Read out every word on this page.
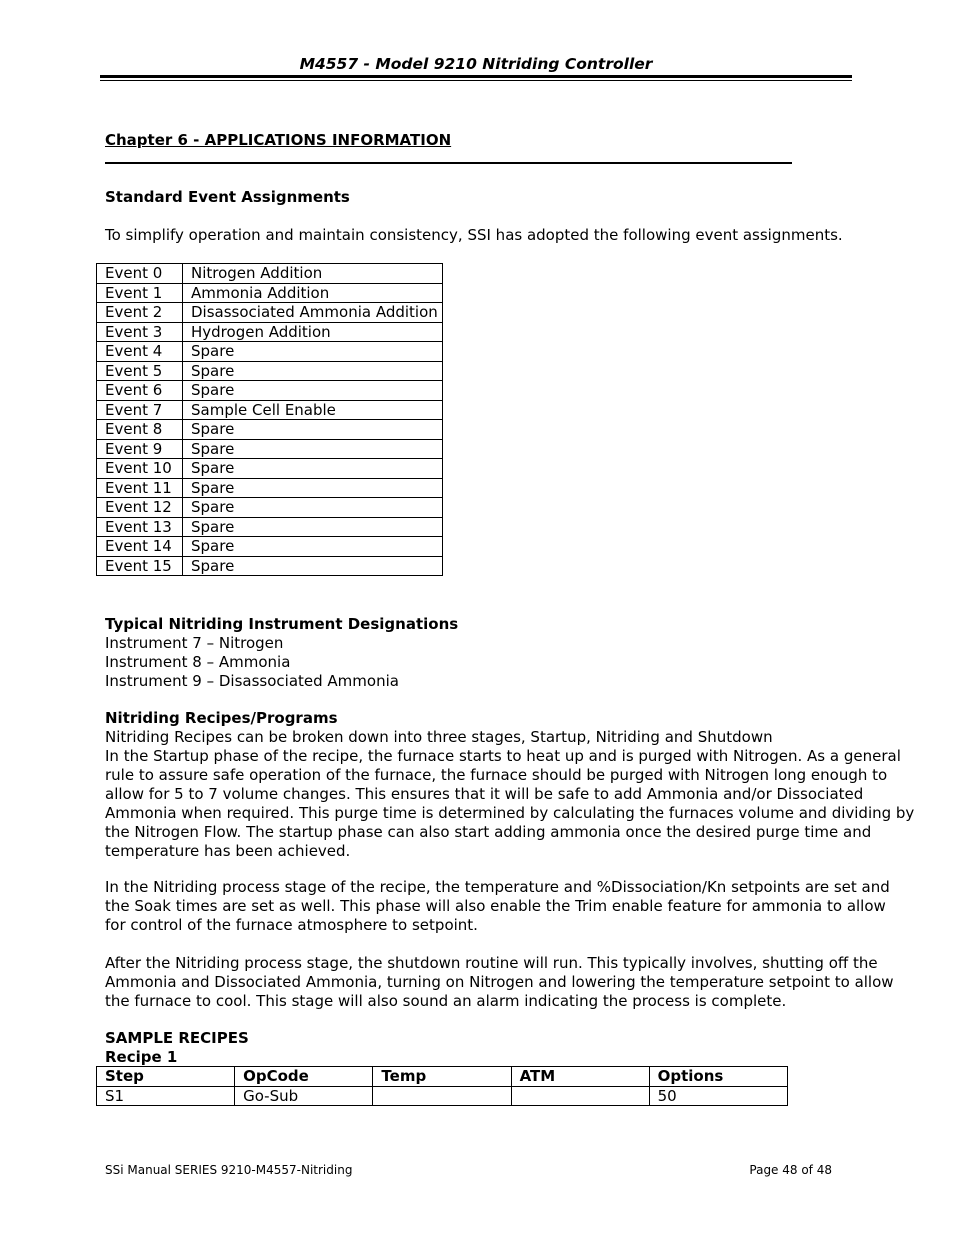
M4557 - Model 9210 Nitriding Controller
Chapter 6 - APPLICATIONS INFORMATION
Standard Event Assignments
To simplify operation and maintain consistency, SSI has adopted the following event assignments.
Event 0	Nitrogen Addition
Event 1	Ammonia Addition
Event 2	Disassociated Ammonia Addition
Event 3	Hydrogen Addition
Event 4	Spare
Event 5	Spare
Event 6	Spare
Event 7	Sample Cell Enable
Event 8	Spare
Event 9	Spare
Event 10	Spare
Event 11	Spare
Event 12	Spare
Event 13	Spare
Event 14	Spare
Event 15	Spare
Typical Nitriding Instrument Designations
Instrument 7 – Nitrogen
Instrument 8 – Ammonia
Instrument 9 – Disassociated Ammonia
Nitriding Recipes/Programs
Nitriding Recipes can be broken down into three stages, Startup, Nitriding and Shutdown
In the Startup phase of the recipe, the furnace starts to heat up and is purged with Nitrogen. As a general
rule to assure safe operation of the furnace, the furnace should be purged with Nitrogen long enough to
allow for 5 to 7 volume changes. This ensures that it will be safe to add Ammonia and/or Dissociated
Ammonia when required. This purge time is determined by calculating the furnaces volume and dividing by
the Nitrogen Flow. The startup phase can also start adding ammonia once the desired purge time and
temperature has been achieved.
In the Nitriding process stage of the recipe, the temperature and %Dissociation/Kn setpoints are set and
the Soak times are set as well. This phase will also enable the Trim enable feature for ammonia to allow
for control of the furnace atmosphere to setpoint.
After the Nitriding process stage, the shutdown routine will run. This typically involves, shutting off the
Ammonia and Dissociated Ammonia, turning on Nitrogen and lowering the temperature setpoint to allow
the furnace to cool. This stage will also sound an alarm indicating the process is complete.
SAMPLE RECIPES
Recipe 1
Step	OpCode	Temp	ATM	Options
S1	Go-Sub			50
SSi Manual SERIES 9210-M4557-Nitriding	Page 48 of 48
